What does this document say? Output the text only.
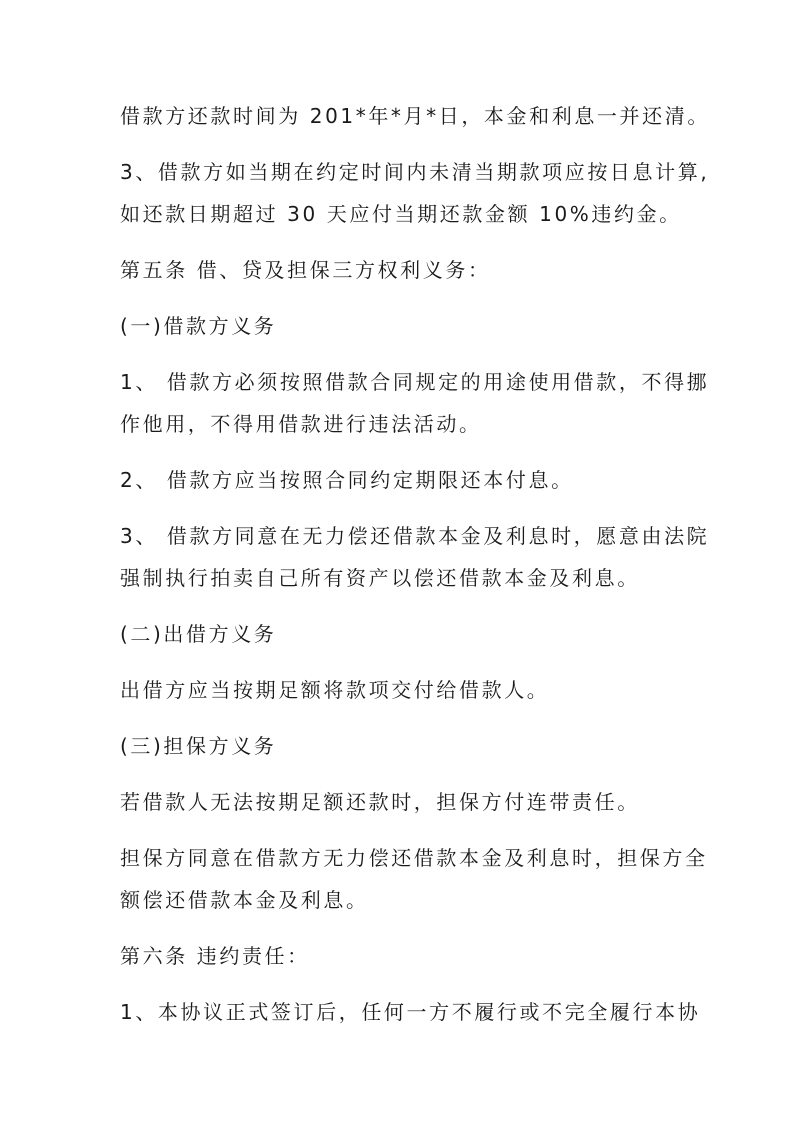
借款方还款时间为 201*年*月*日，本金和利息一并还清。
3、借款方如当期在约定时间内未清当期款项应按日息计算,
如还款日期超过 30 天应付当期还款金额 10%违约金。
第五条 借、贷及担保三方权利义务：
(一)借款方义务
1、 借款方必须按照借款合同规定的用途使用借款，不得挪
作他用，不得用借款进行违法活动。
2、 借款方应当按照合同约定期限还本付息。
3、 借款方同意在无力偿还借款本金及利息时，愿意由法院
强制执行拍卖自己所有资产以偿还借款本金及利息。
(二)出借方义务
出借方应当按期足额将款项交付给借款人。
(三)担保方义务
若借款人无法按期足额还款时，担保方付连带责任。
担保方同意在借款方无力偿还借款本金及利息时，担保方全
额偿还借款本金及利息。
第六条 违约责任：
1、本协议正式签订后，任何一方不履行或不完全履行本协
